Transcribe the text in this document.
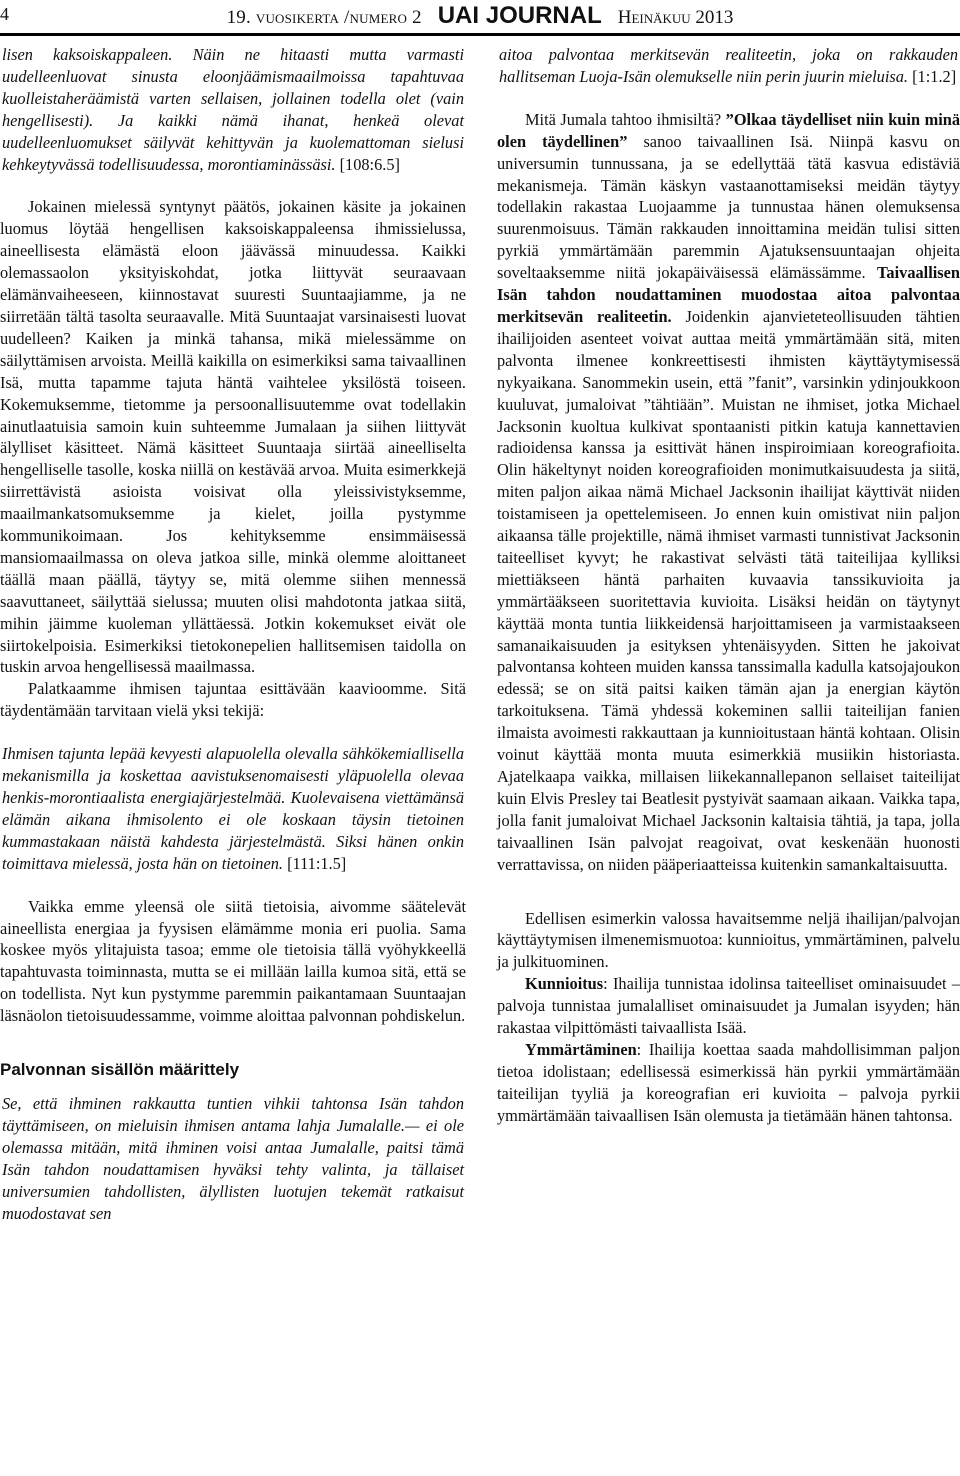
4	19. vuosikerta /numero 2 UAI JOURNAL Heinäkuu 2013

lisen kaksoiskappaleen. Näin ne hitaasti mutta varmasti uudelleenluovat sinusta eloonjäämismaailmoissa tapahtuvaa kuolleistaheräämistä varten sellaisen, jollainen todella olet (vain hengellisesti). Ja kaikki nämä ihanat, henkeä olevat uudelleenluomukset säilyvät kehittyvän ja kuolemattoman sielusi kehkeytyvässä todellisuudessa, morontiaminässäsi. [108:6.5]

Jokainen mielessä syntynyt päätös, jokainen käsite ja jokainen luomus löytää hengellisen kaksoiskappaleensa ihmissielussa, aineellisesta elämästä eloon jäävässä minuudessa. Kaikki olemassaolon yksityiskohdat, jotka liittyvät seuraavaan elämänvaiheeseen, kiinnostavat suuresti Suuntaajiamme, ja ne siirretään tältä tasolta seuraavalle. Mitä Suuntaajat varsinaisesti luovat uudelleen? Kaiken ja minkä tahansa, mikä mielessämme on säilyttämisen arvoista. Meillä kaikilla on esimerkiksi sama taivaallinen Isä, mutta tapamme tajuta häntä vaihtelee yksilöstä toiseen. Kokemuksemme, tietomme ja persoonallisuutemme ovat todellakin ainutlaatuisia samoin kuin suhteemme Jumalaan ja siihen liittyvät älylliset käsitteet. Nämä käsitteet Suuntaaja siirtää aineelliselta hengelliselle tasolle, koska niillä on kestävää arvoa. Muita esimerkkejä siirrettävistä asioista voisivat olla yleissivistyksemme, maailmankatsomuksemme ja kielet, joilla pystymme kommunikoimaan. Jos kehityksemme ensimmäisessä mansiomaailmassa on oleva jatkoa sille, minkä olemme aloittaneet täällä maan päällä, täytyy se, mitä olemme siihen mennessä saavuttaneet, säilyttää sielussa; muuten olisi mahdotonta jatkaa siitä, mihin jäimme kuoleman yllättäessä. Jotkin kokemukset eivät ole siirtokelpoisia. Esimerkiksi tietokonepelien hallitsemisen taidolla on tuskin arvoa hengellisessä maailmassa.

Palatkaamme ihmisen tajuntaa esittävään kaavioomme. Sitä täydentämään tarvitaan vielä yksi tekijä:

Ihmisen tajunta lepää kevyesti alapuolella olevalla sähkökemiallisella mekanismilla ja koskettaa aavistuksenomaisesti yläpuolella olevaa henkis-morontiaalista energiajärjestelmää. Kuolevaisena viettämänsä elämän aikana ihmisolento ei ole koskaan täysin tietoinen kummastakaan näistä kahdesta järjestelmästä. Siksi hänen onkin toimittava mielessä, josta hän on tietoinen. [111:1.5]

Vaikka emme yleensä ole siitä tietoisia, aivomme säätelevät aineellista energiaa ja fyysisen elämämme monia eri puolia. Sama koskee myös ylitajuista tasoa; emme ole tietoisia tällä vyöhykkeellä tapahtuvasta toiminnasta, mutta se ei millään lailla kumoa sitä, että se on todellista. Nyt kun pystymme paremmin paikantamaan Suuntaajan läsnäolon tietoisuudessamme, voimme aloittaa palvonnan pohdiskelun.

Palvonnan sisällön määrittely

Se, että ihminen rakkautta tuntien vihkii tahtonsa Isän tahdon täyttämiseen, on mieluisin ihmisen antama lahja Jumalalle.— ei ole olemassa mitään, mitä ihminen voisi antaa Jumalalle, paitsi tämä Isän tahdon noudattamisen hyväksi tehty valinta, ja tällaiset universumien tahdollisten, älyllisten luotujen tekemät ratkaisut muodostavat sen

aitoa palvontaa merkitsevän realiteetin, joka on rakkauden hallitseman Luoja-Isän olemukselle niin perin juurin mieluisa. [1:1.2]

Mitä Jumala tahtoo ihmisiltä? ”Olkaa täydelliset niin kuin minä olen täydellinen” sanoo taivaallinen Isä. Niinpä kasvu on universumin tunnussana, ja se edellyttää tätä kasvua edistäviä mekanismeja. Tämän käskyn vastaanottamiseksi meidän täytyy todellakin rakastaa Luojaamme ja tunnustaa hänen olemuksensa suurenmoisuus. Tämän rakkauden innoittamina meidän tulisi sitten pyrkiä ymmärtämään paremmin Ajatuksensuuntaajan ohjeita soveltaaksemme niitä jokapäiväisessä elämässämme. Taivaallisen Isän tahdon noudattaminen muodostaa aitoa palvontaa merkitsevän realiteetin. Joidenkin ajanvieteteollisuuden tähtien ihailijoiden asenteet voivat auttaa meitä ymmärtämään sitä, miten palvonta ilmenee konkreettisesti ihmisten käyttäytymisessä nykyaikana. Sanommekin usein, että ”fanit”, varsinkin ydinjoukkoon kuuluvat, jumaloivat ”tähtiään”. Muistan ne ihmiset, jotka Michael Jacksonin kuoltua kulkivat spontaanisti pitkin katuja kannettavien radioidensa kanssa ja esittivät hänen inspiroimiaan koreografioita. Olin häkeltynyt noiden koreografioiden monimutkaisuudesta ja siitä, miten paljon aikaa nämä Michael Jacksonin ihailijat käyttivät niiden toistamiseen ja opettelemiseen. Jo ennen kuin omistivat niin paljon aikaansa tälle projektille, nämä ihmiset varmasti tunnistivat Jacksonin taiteelliset kyvyt; he rakastivat selvästi tätä taiteilijaa kylliksi miettiäkseen häntä parhaiten kuvaavia tanssikuvioita ja ymmärtääkseen suoritettavia kuvioita. Lisäksi heidän on täytynyt käyttää monta tuntia liikkeidensä harjoittamiseen ja varmistaakseen samanaikaisuuden ja esityksen yhtenäisyyden. Sitten he jakoivat palvontansa kohteen muiden kanssa tanssimalla kadulla katsojajoukon edessä; se on sitä paitsi kaiken tämän ajan ja energian käytön tarkoituksena. Tämä yhdessä kokeminen sallii taiteilijan fanien ilmaista avoimesti rakkauttaan ja kunnioitustaan häntä kohtaan. Olisin voinut käyttää monta muuta esimerkkiä musiikin historiasta. Ajatelkaapa vaikka, millaisen liikekannallepanon sellaiset taiteilijat kuin Elvis Presley tai Beatlesit pystyivät saamaan aikaan. Vaikka tapa, jolla fanit jumaloivat Michael Jacksonin kaltaisia tähtiä, ja tapa, jolla taivaallinen Isän palvojat reagoivat, ovat keskenään huonosti verrattavissa, on niiden pääperiaatteissa kuitenkin samankaltaisuutta.

Edellisen esimerkin valossa havaitsemme neljä ihailijan/palvojan käyttäytymisen ilmenemismuotoa: kunnioitus, ymmärtäminen, palvelu ja julkituominen.

Kunnioitus: Ihailija tunnistaa idolinsa taiteelliset ominaisuudet – palvoja tunnistaa jumalalliset ominaisuudet ja Jumalan isyyden; hän rakastaa vilpittömästi taivaallista Isää.

Ymmärtäminen: Ihailija koettaa saada mahdollisimman paljon tietoa idolistaan; edellisessä esimerkissä hän pyrkii ymmärtämään taiteilijan tyyliä ja koreografian eri kuvioita – palvoja pyrkii ymmärtämään taivaallisen Isän olemusta ja tietämään hänen tahtonsa.
